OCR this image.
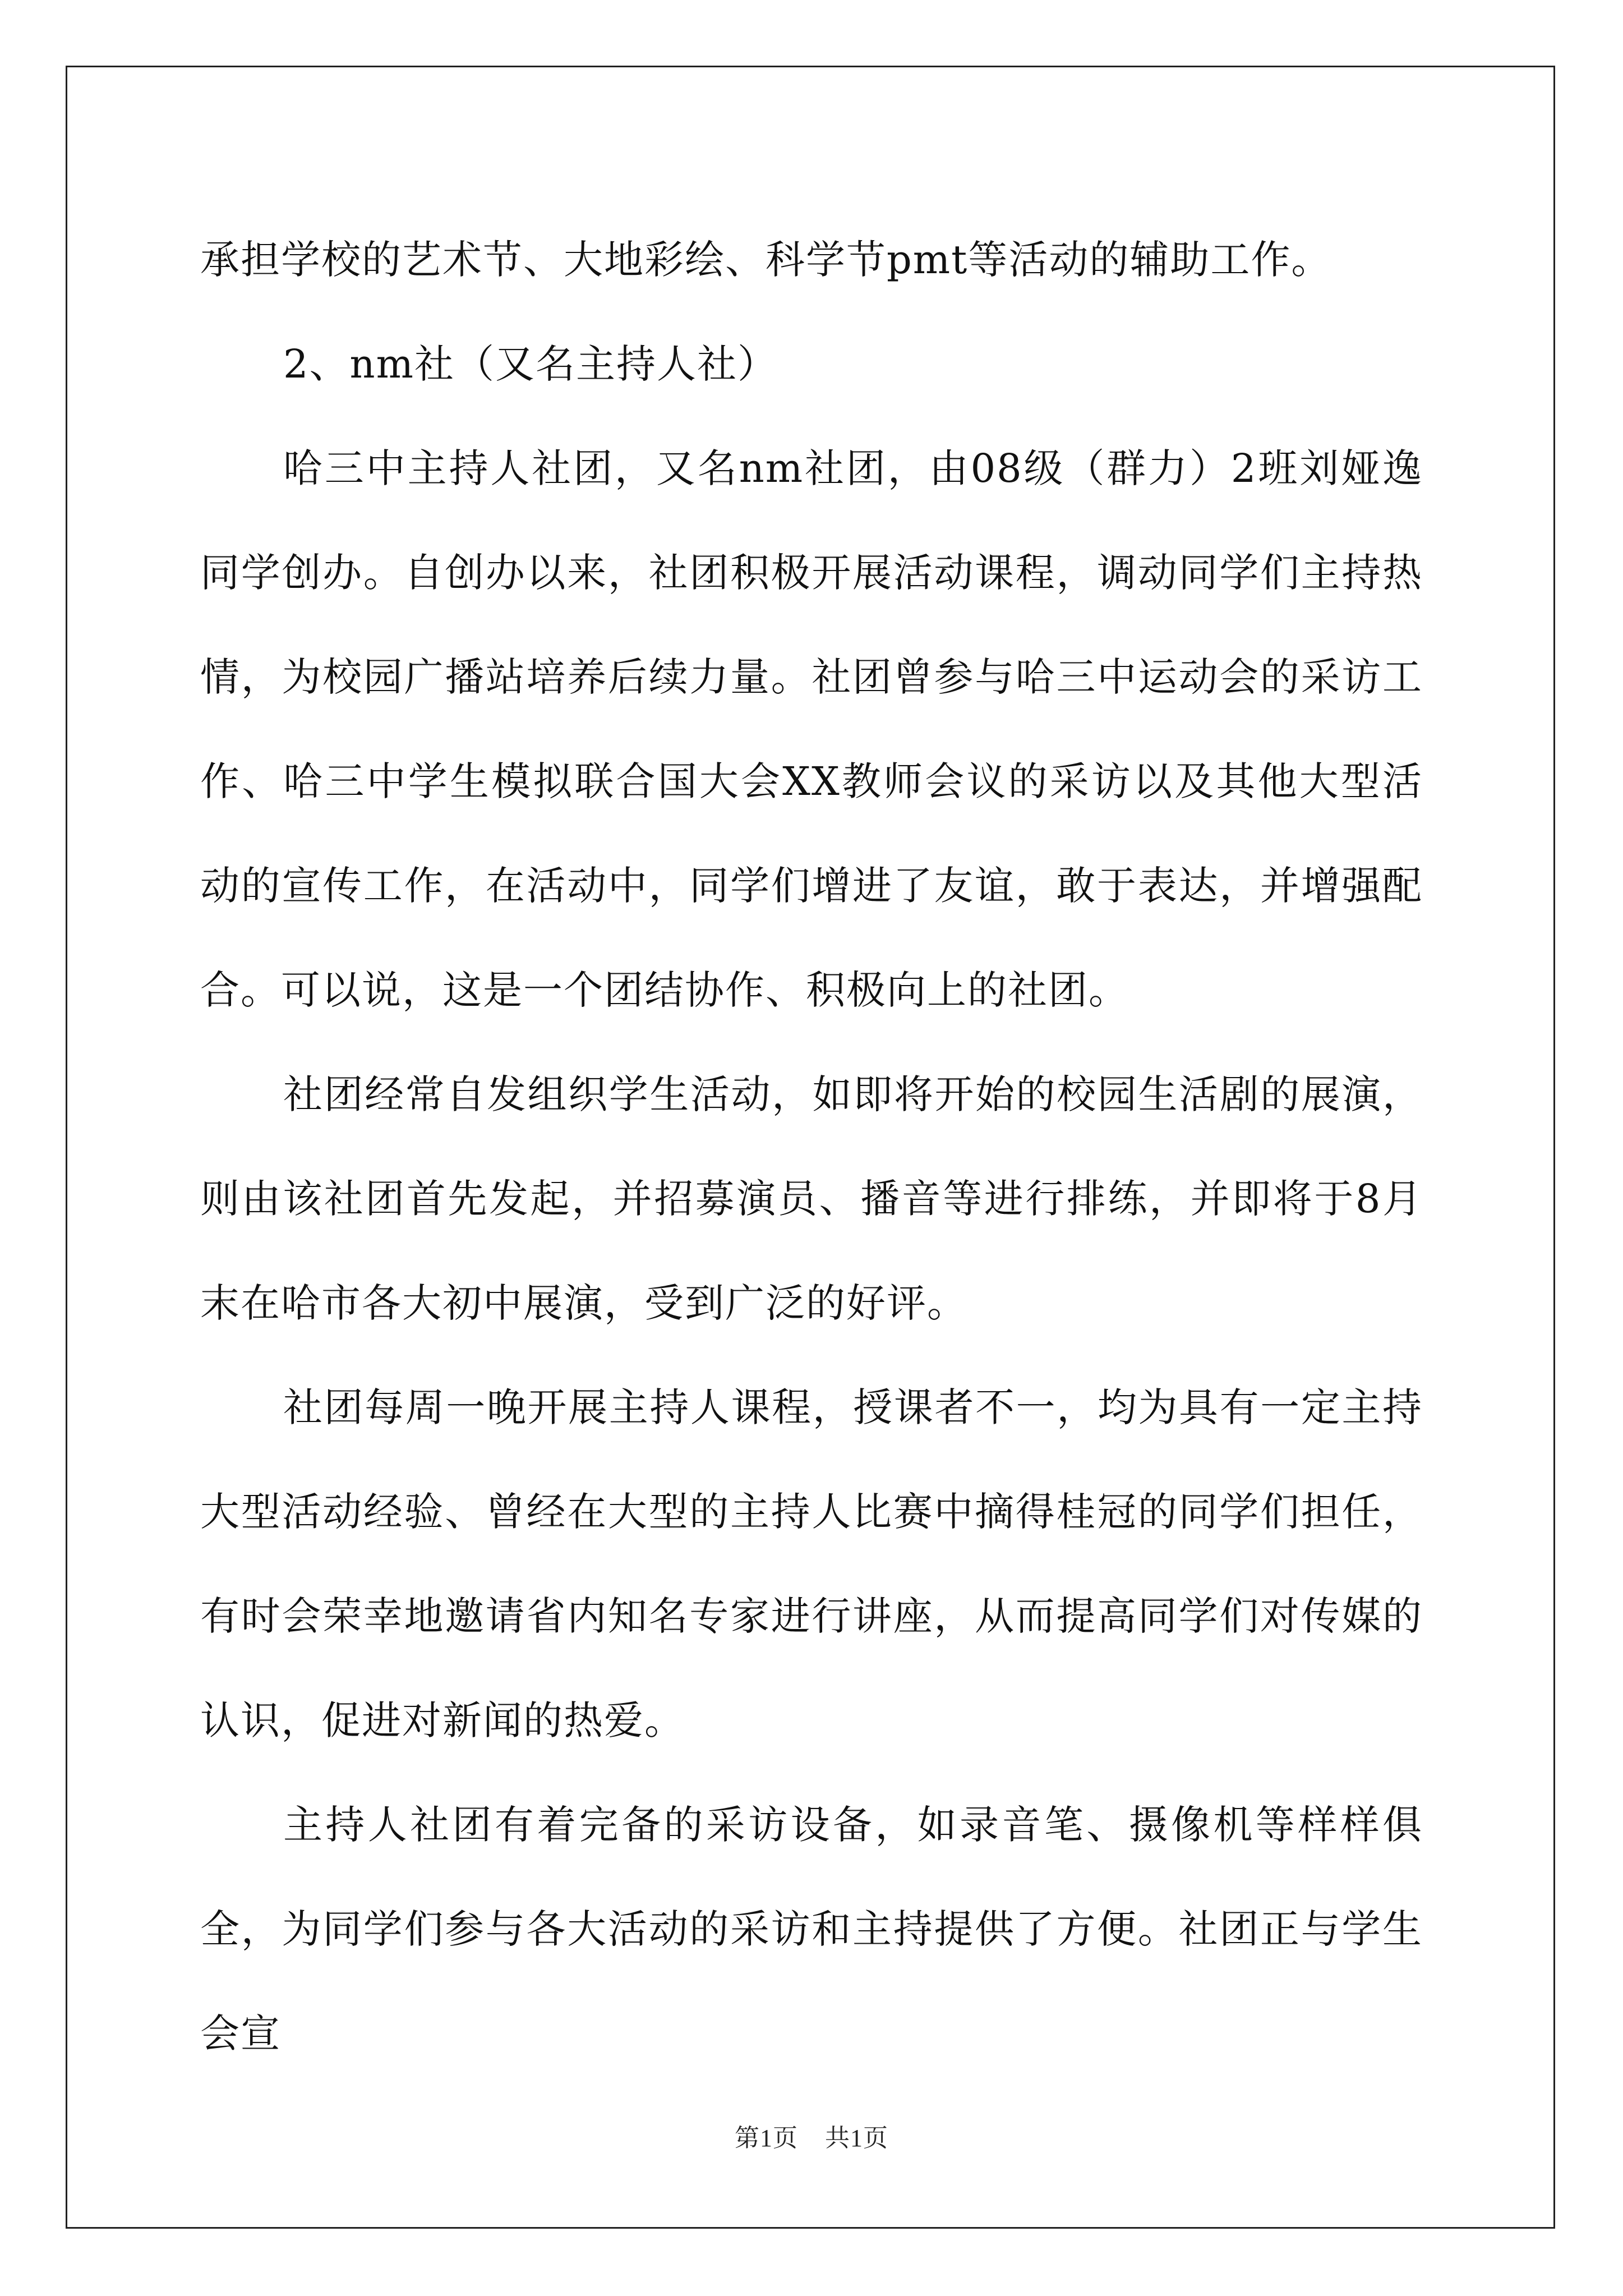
承担学校的艺术节、大地彩绘、科学节pmt等活动的辅助工作。

2、nm社（又名主持人社）

哈三中主持人社团，又名nm社团，由08级（群力）2班刘娅逸同学创办。自创办以来，社团积极开展活动课程，调动同学们主持热情，为校园广播站培养后续力量。社团曾参与哈三中运动会的采访工作、哈三中学生模拟联合国大会XX教师会议的采访以及其他大型活动的宣传工作，在活动中，同学们增进了友谊，敢于表达，并增强配合。可以说，这是一个团结协作、积极向上的社团。

社团经常自发组织学生活动，如即将开始的校园生活剧的展演，则由该社团首先发起，并招募演员、播音等进行排练，并即将于8月末在哈市各大初中展演，受到广泛的好评。

社团每周一晚开展主持人课程，授课者不一，均为具有一定主持大型活动经验、曾经在大型的主持人比赛中摘得桂冠的同学们担任，有时会荣幸地邀请省内知名专家进行讲座，从而提高同学们对传媒的认识，促进对新闻的热爱。

主持人社团有着完备的采访设备，如录音笔、摄像机等样样俱全，为同学们参与各大活动的采访和主持提供了方便。社团正与学生会宣

第1页 共1页
